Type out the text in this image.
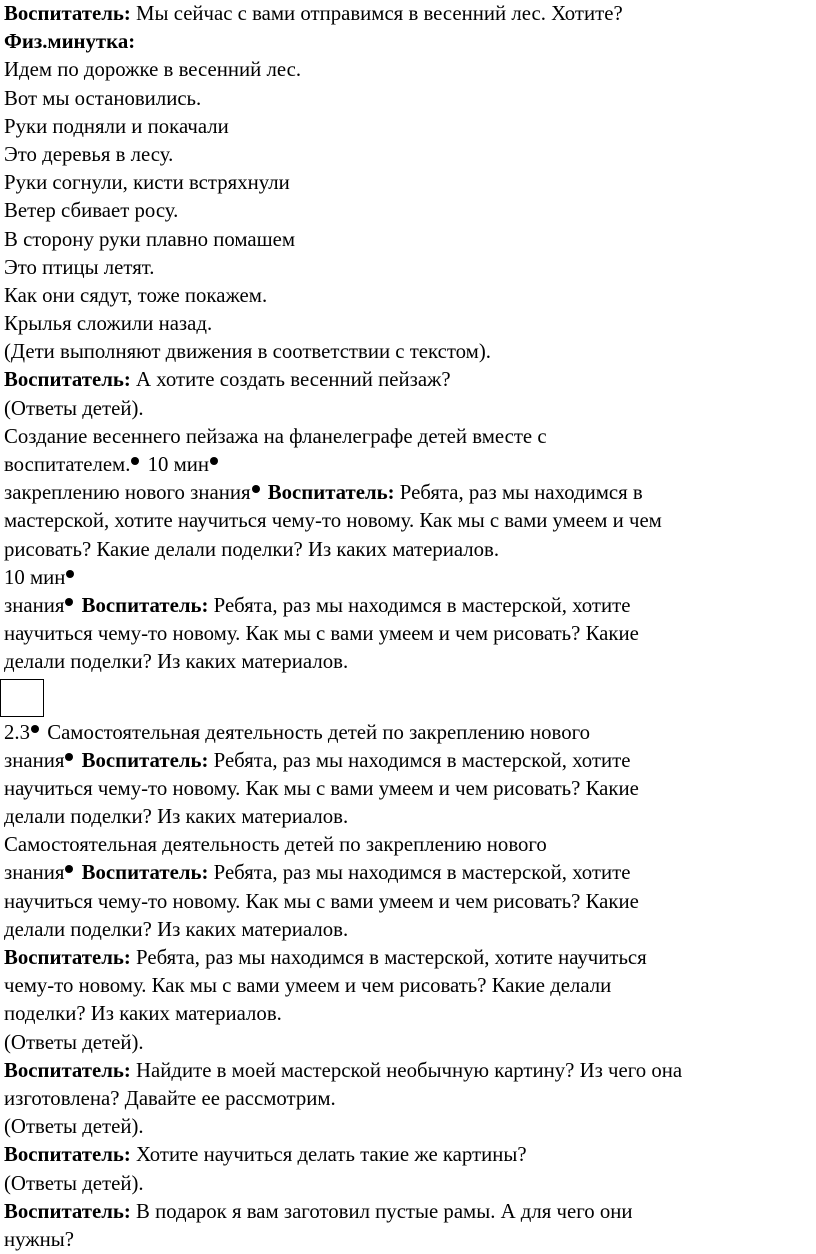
Воспитатель: Мы сейчас с вами отправимся в весенний лес. Хотите?
Физ.минутка:
Идем по дорожке в весенний лес.
Вот мы остановились.
Руки подняли и покачали
Это деревья в лесу.
Руки согнули, кисти встряхнули
Ветер сбивает росу.
В сторону руки плавно помашем
Это птицы летят.
Как они сядут, тоже покажем.
Крылья сложили назад.
(Дети выполняют движения в соответствии с текстом).
Воспитатель: А хотите создать весенний пейзаж?
(Ответы детей).
Создание весеннего пейзажа на фланелеграфе детей вместе с
воспитателем. 10 мин
закреплению нового знания Воспитатель: Ребята, раз мы находимся в
мастерской, хотите научиться чему-то новому. Как мы с вами умеем и чем
рисовать? Какие делали поделки? Из каких материалов.
10 мин
знания Воспитатель: Ребята, раз мы находимся в мастерской, хотите
научиться чему-то новому. Как мы с вами умеем и чем рисовать? Какие
делали поделки? Из каких материалов.
2.3 Самостоятельная деятельность детей по закреплению нового
знания Воспитатель: Ребята, раз мы находимся в мастерской, хотите
научиться чему-то новому. Как мы с вами умеем и чем рисовать? Какие
делали поделки? Из каких материалов.
Самостоятельная деятельность детей по закреплению нового
знания Воспитатель: Ребята, раз мы находимся в мастерской, хотите
научиться чему-то новому. Как мы с вами умеем и чем рисовать? Какие
делали поделки? Из каких материалов.
Воспитатель: Ребята, раз мы находимся в мастерской, хотите научиться
чему-то новому. Как мы с вами умеем и чем рисовать? Какие делали
поделки? Из каких материалов.
(Ответы детей).
Воспитатель: Найдите в моей мастерской необычную картину? Из чего она
изготовлена? Давайте ее рассмотрим.
(Ответы детей).
Воспитатель: Хотите научиться делать такие же картины?
(Ответы детей).
Воспитатель: В подарок я вам заготовил пустые рамы. А для чего они
нужны?
